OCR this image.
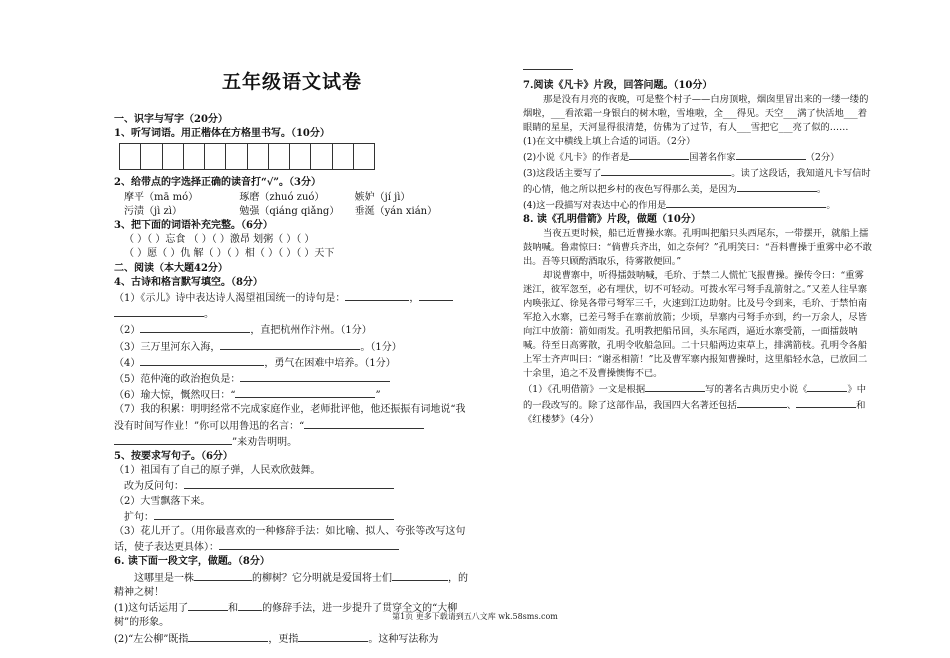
五年级语文试卷
一、识字与写字（20分）
1、听写词语。用正楷体在方格里书写。（10分）
2、给带点的字选择正确的读音打“√”。（3分）
摩平（mā mó）	琢磨（zhuó zuó）	嫉妒（jí jì）
污渍（jì zì）	勉强（qiáng qiǎng）	垂涎（yán xián）
3、把下面的词语补充完整。（6分）
（ ）（ ）忘食 （ ）（ ）激昂 划粥（ ）（ ）
（ ）愿（ ）仇 解（ ）（ ）相（ ）（ ）（ ）天下
二、阅读（本大题42分）
4、古诗和格言默写填空。（8分）
（1）《示儿》诗中表达诗人渴望祖国统一的诗句是：	，
。
（2）	，直把杭州作汴州。（1分）
（3）三万里河东入海，	。（1分）
（4）	，勇气在困难中培养。（1分）
（5）范仲淹的政治抱负是：
（6）瑜大惊，慨然叹曰：“	”
（7）我的积累：明明经常不完成家庭作业，老师批评他，他还振振有词地说“我没有时间写作业！”你可以用鲁迅的名言：“
”来劝告明明。
5、按要求写句子。（6分）
（1）祖国有了自己的原子弹，人民欢欣鼓舞。
改为反问句：
（2）大雪飘落下来。
扩句：
（3）花儿开了。（用你最喜欢的一种修辞手法：如比喻、拟人、夸张等改写这句话，使子表达更具体）：
6. 读下面一段文字，做题。（8分）
这哪里是一株	的柳树？它分明就是爱国将士们	，的精神之树！
(1)这句话运用了	和 的修辞手法，进一步提升了贯穿全文的“大柳树”的形象。
(2)“左公柳”既指	，更指	。这种写法称为
7.阅读《凡卡》片段，回答问题。（10分）
那是没有月亮的夜晚，可是整个村子——白房顶啦，烟囱里冒出来的一缕一缕的烟啦，___看浓霜一身银白的树木啦，雪堆啦，全___得见。天空___满了快活地___着眼睛的星星，天河显得很清楚，仿佛为了过节，有人___雪把它___亮了似的……
(1)在文中横线上填上合适的词语。（2分）
(2)小说《凡卡》的作者是	国著名作家	（2分）
(3)这段话主要写了	。读了这段话，我知道凡卡写信时的心情，他之所以把乡村的夜色写得那么美，是因为	。
(4)这一段描写对表达中心的作用是	。
8. 读《孔明借箭》片段，做题（10分）
当夜五更时候，船已近曹操水寨。孔明叫把船只头西尾东，一带摆开，就船上擂鼓呐喊。鲁肃惊曰：“倘曹兵齐出，如之奈何？”孔明笑曰：“吾料曹操于重雾中必不敢出。吾等只顾酌酒取乐，待雾散便回。”
却说曹寨中，听得擂鼓呐喊，毛玠、于禁二人慌忙飞报曹操。操传令曰：“重雾迷江，彼军忽至，必有埋伏，切不可轻动。可拨水军弓弩手乱箭射之。”又差人往旱寨内唤张辽、徐晃各带弓弩军三千，火速到江边助射。比及号令到来，毛玠、于禁怕南军抢入水寨，已差弓弩手在寨前放箭；少顷，旱寨内弓弩手亦到，约一万余人，尽皆向江中放箭：箭如雨发。孔明教把船吊回，头东尾西，逼近水寨受箭，一面擂鼓呐喊。待至日高雾散，孔明令收船急回。二十只船两边束草上，排满箭枝。孔明令各船上军士齐声叫曰：“谢丞相箭！”比及曹军寨内报知曹操时，这里船轻水急，已放回二十余里，追之不及曹操懊悔不已。
（1）《孔明借箭》一文是根据	写的著名古典历史小说《	》中的一段改写的。除了这部作品，我国四大名著还包括	、	和《红楼梦》（4分）
第1页 更多下载请到五八文库 wk.58sms.com
